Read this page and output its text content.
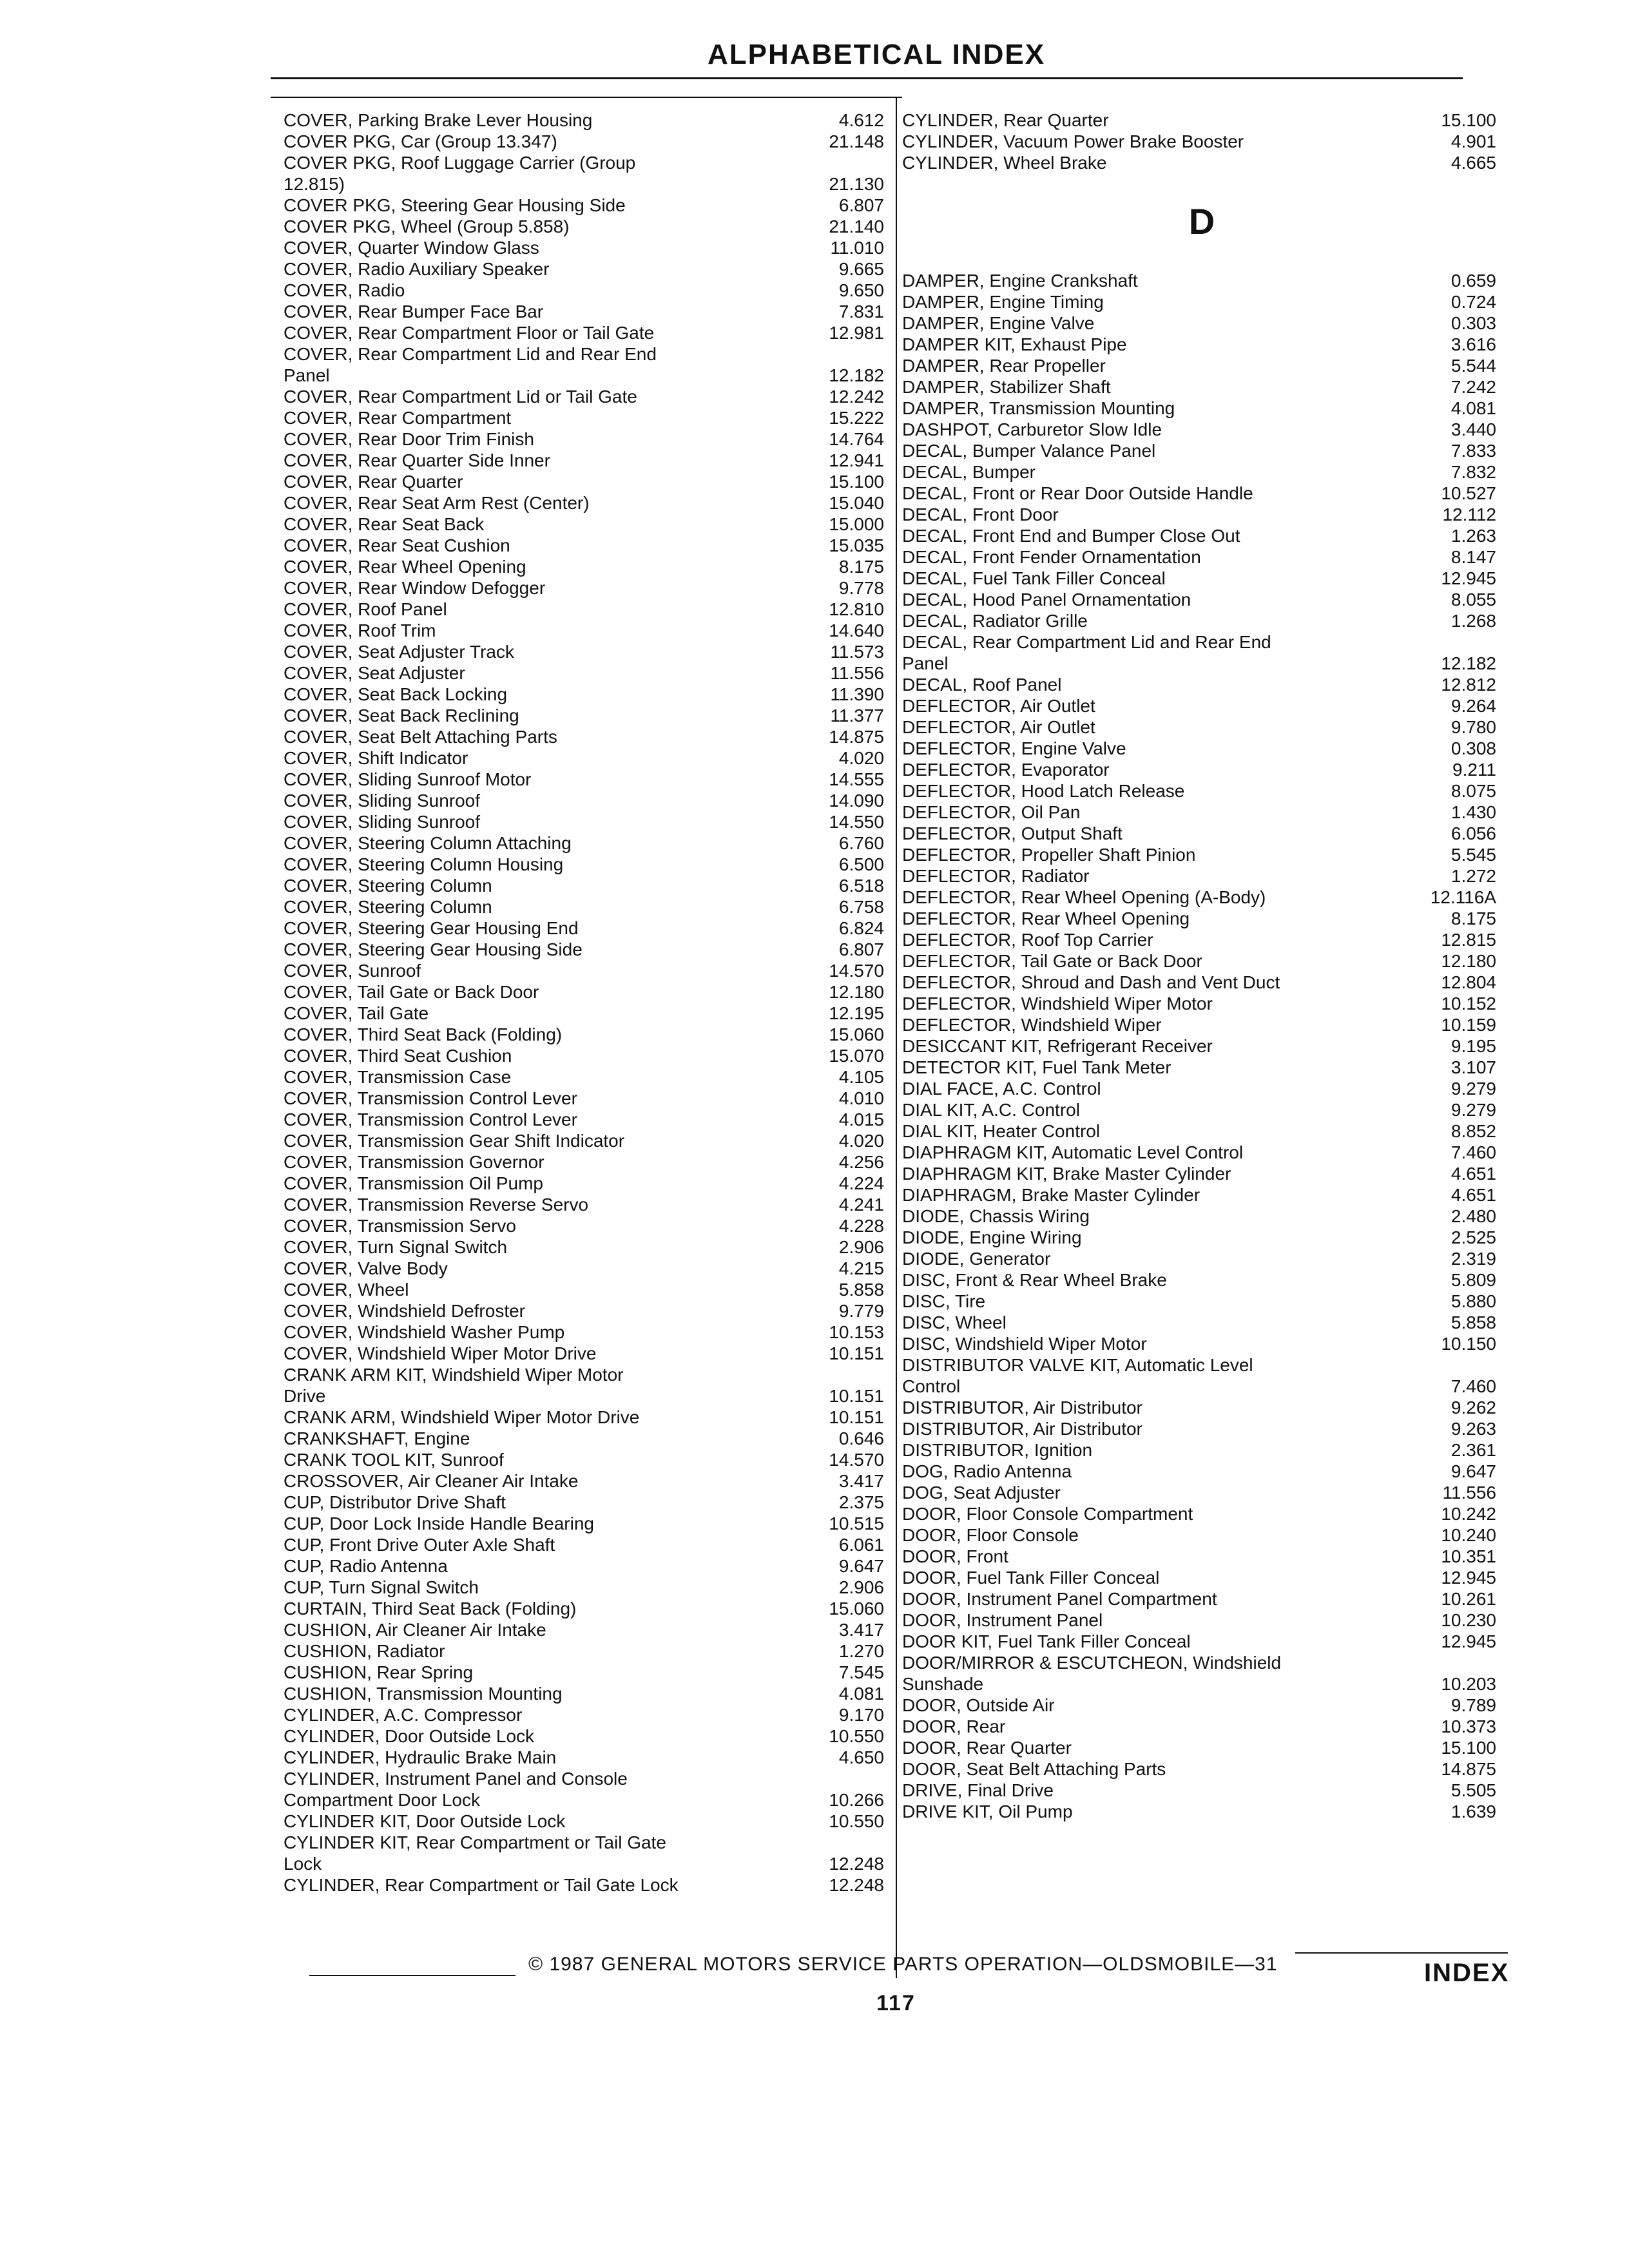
ALPHABETICAL INDEX
COVER, Parking Brake Lever Housing	4.612
COVER PKG, Car (Group 13.347)	21.148
COVER PKG, Roof Luggage Carrier (Group
12.815)	21.130
COVER PKG, Steering Gear Housing Side	6.807
COVER PKG, Wheel (Group 5.858)	21.140
COVER, Quarter Window Glass	11.010
COVER, Radio Auxiliary Speaker	9.665
COVER, Radio	9.650
COVER, Rear Bumper Face Bar	7.831
COVER, Rear Compartment Floor or Tail Gate	12.981
COVER, Rear Compartment Lid and Rear End
Panel	12.182
COVER, Rear Compartment Lid or Tail Gate	12.242
COVER, Rear Compartment	15.222
COVER, Rear Door Trim Finish	14.764
COVER, Rear Quarter Side Inner	12.941
COVER, Rear Quarter	15.100
COVER, Rear Seat Arm Rest (Center)	15.040
COVER, Rear Seat Back	15.000
COVER, Rear Seat Cushion	15.035
COVER, Rear Wheel Opening	8.175
COVER, Rear Window Defogger	9.778
COVER, Roof Panel	12.810
COVER, Roof Trim	14.640
COVER, Seat Adjuster Track	11.573
COVER, Seat Adjuster	11.556
COVER, Seat Back Locking	11.390
COVER, Seat Back Reclining	11.377
COVER, Seat Belt Attaching Parts	14.875
COVER, Shift Indicator	4.020
COVER, Sliding Sunroof Motor	14.555
COVER, Sliding Sunroof	14.090
COVER, Sliding Sunroof	14.550
COVER, Steering Column Attaching	6.760
COVER, Steering Column Housing	6.500
COVER, Steering Column	6.518
COVER, Steering Column	6.758
COVER, Steering Gear Housing End	6.824
COVER, Steering Gear Housing Side	6.807
COVER, Sunroof	14.570
COVER, Tail Gate or Back Door	12.180
COVER, Tail Gate	12.195
COVER, Third Seat Back (Folding)	15.060
COVER, Third Seat Cushion	15.070
COVER, Transmission Case	4.105
COVER, Transmission Control Lever	4.010
COVER, Transmission Control Lever	4.015
COVER, Transmission Gear Shift Indicator	4.020
COVER, Transmission Governor	4.256
COVER, Transmission Oil Pump	4.224
COVER, Transmission Reverse Servo	4.241
COVER, Transmission Servo	4.228
COVER, Turn Signal Switch	2.906
COVER, Valve Body	4.215
COVER, Wheel	5.858
COVER, Windshield Defroster	9.779
COVER, Windshield Washer Pump	10.153
COVER, Windshield Wiper Motor Drive	10.151
CRANK ARM KIT, Windshield Wiper Motor
Drive	10.151
CRANK ARM, Windshield Wiper Motor Drive	10.151
CRANKSHAFT, Engine	0.646
CRANK TOOL KIT, Sunroof	14.570
CROSSOVER, Air Cleaner Air Intake	3.417
CUP, Distributor Drive Shaft	2.375
CUP, Door Lock Inside Handle Bearing	10.515
CUP, Front Drive Outer Axle Shaft	6.061
CUP, Radio Antenna	9.647
CUP, Turn Signal Switch	2.906
CURTAIN, Third Seat Back (Folding)	15.060
CUSHION, Air Cleaner Air Intake	3.417
CUSHION, Radiator	1.270
CUSHION, Rear Spring	7.545
CUSHION, Transmission Mounting	4.081
CYLINDER, A.C. Compressor	9.170
CYLINDER, Door Outside Lock	10.550
CYLINDER, Hydraulic Brake Main	4.650
CYLINDER, Instrument Panel and Console
Compartment Door Lock	10.266
CYLINDER KIT, Door Outside Lock	10.550
CYLINDER KIT, Rear Compartment or Tail Gate
Lock	12.248
CYLINDER, Rear Compartment or Tail Gate Lock	12.248
CYLINDER, Rear Quarter	15.100
CYLINDER, Vacuum Power Brake Booster	4.901
CYLINDER, Wheel Brake	4.665
D
DAMPER, Engine Crankshaft	0.659
DAMPER, Engine Timing	0.724
DAMPER, Engine Valve	0.303
DAMPER KIT, Exhaust Pipe	3.616
DAMPER, Rear Propeller	5.544
DAMPER, Stabilizer Shaft	7.242
DAMPER, Transmission Mounting	4.081
DASHPOT, Carburetor Slow Idle	3.440
DECAL, Bumper Valance Panel	7.833
DECAL, Bumper	7.832
DECAL, Front or Rear Door Outside Handle	10.527
DECAL, Front Door	12.112
DECAL, Front End and Bumper Close Out	1.263
DECAL, Front Fender Ornamentation	8.147
DECAL, Fuel Tank Filler Conceal	12.945
DECAL, Hood Panel Ornamentation	8.055
DECAL, Radiator Grille	1.268
DECAL, Rear Compartment Lid and Rear End
Panel	12.182
DECAL, Roof Panel	12.812
DEFLECTOR, Air Outlet	9.264
DEFLECTOR, Air Outlet	9.780
DEFLECTOR, Engine Valve	0.308
DEFLECTOR, Evaporator	9.211
DEFLECTOR, Hood Latch Release	8.075
DEFLECTOR, Oil Pan	1.430
DEFLECTOR, Output Shaft	6.056
DEFLECTOR, Propeller Shaft Pinion	5.545
DEFLECTOR, Radiator	1.272
DEFLECTOR, Rear Wheel Opening (A-Body)	12.116A
DEFLECTOR, Rear Wheel Opening	8.175
DEFLECTOR, Roof Top Carrier	12.815
DEFLECTOR, Tail Gate or Back Door	12.180
DEFLECTOR, Shroud and Dash and Vent Duct	12.804
DEFLECTOR, Windshield Wiper Motor	10.152
DEFLECTOR, Windshield Wiper	10.159
DESICCANT KIT, Refrigerant Receiver	9.195
DETECTOR KIT, Fuel Tank Meter	3.107
DIAL FACE, A.C. Control	9.279
DIAL KIT, A.C. Control	9.279
DIAL KIT, Heater Control	8.852
DIAPHRAGM KIT, Automatic Level Control	7.460
DIAPHRAGM KIT, Brake Master Cylinder	4.651
DIAPHRAGM, Brake Master Cylinder	4.651
DIODE, Chassis Wiring	2.480
DIODE, Engine Wiring	2.525
DIODE, Generator	2.319
DISC, Front & Rear Wheel Brake	5.809
DISC, Tire	5.880
DISC, Wheel	5.858
DISC, Windshield Wiper Motor	10.150
DISTRIBUTOR VALVE KIT, Automatic Level
Control	7.460
DISTRIBUTOR, Air Distributor	9.262
DISTRIBUTOR, Air Distributor	9.263
DISTRIBUTOR, Ignition	2.361
DOG, Radio Antenna	9.647
DOG, Seat Adjuster	11.556
DOOR, Floor Console Compartment	10.242
DOOR, Floor Console	10.240
DOOR, Front	10.351
DOOR, Fuel Tank Filler Conceal	12.945
DOOR, Instrument Panel Compartment	10.261
DOOR, Instrument Panel	10.230
DOOR KIT, Fuel Tank Filler Conceal	12.945
DOOR/MIRROR & ESCUTCHEON, Windshield
Sunshade	10.203
DOOR, Outside Air	9.789
DOOR, Rear	10.373
DOOR, Rear Quarter	15.100
DOOR, Seat Belt Attaching Parts	14.875
DRIVE, Final Drive	5.505
DRIVE KIT, Oil Pump	1.639
© 1987 GENERAL MOTORS SERVICE PARTS OPERATION—OLDSMOBILE—31	INDEX
117
